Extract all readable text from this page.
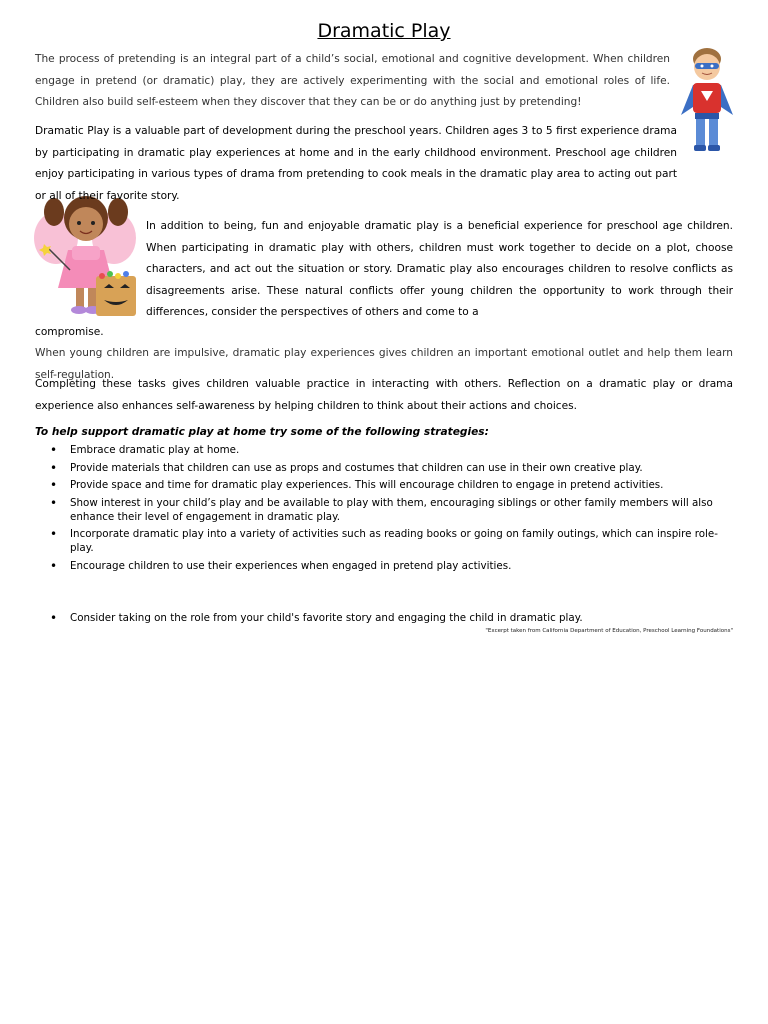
Dramatic Play

The process of pretending is an integral part of a child’s social, emotional and cognitive development. When children engage in pretend (or dramatic) play, they are actively experimenting with the social and emotional roles of life. Children also build self-esteem when they discover that they can be or do anything just by pretending!

Dramatic Play is a valuable part of development during the preschool years. Children ages 3 to 5 first experience drama by participating in dramatic play experiences at home and in the early childhood environment. Preschool age children enjoy participating in various types of drama from pretending to cook meals in the dramatic play area to acting out part or all of their favorite story.

In addition to being, fun and enjoyable dramatic play is a beneficial experience for preschool age children. When participating in dramatic play with others, children must work together to decide on a plot, choose characters, and act out the situation or story. Dramatic play also encourages children to resolve conflicts as disagreements arise. These natural conflicts offer young children the opportunity to work through their differences, consider the perspectives of others and come to a

compromise.

When young children are impulsive, dramatic play experiences gives children an important emotional outlet and help them learn self-regulation.

Completing these tasks gives children valuable practice in interacting with others. Reflection on a dramatic play or drama experience also enhances self-awareness by helping children to think about their actions and choices.

To help support dramatic play at home try some of the following strategies:
• Embrace dramatic play at home.
• Provide materials that children can use as props and costumes that children can use in their own creative play.
• Provide space and time for dramatic play experiences. This will encourage children to engage in pretend activities.
• Show interest in your child’s play and be available to play with them, encouraging siblings or other family members will also enhance their level of engagement in dramatic play.
• Incorporate dramatic play into a variety of activities such as reading books or going on family outings, which can inspire role-play.
• Encourage children to use their experiences when engaged in pretend play activities.
• Consider taking on the role from your child's favorite story and engaging the child in dramatic play.
"Excerpt taken from California Department of Education, Preschool Learning Foundations"
